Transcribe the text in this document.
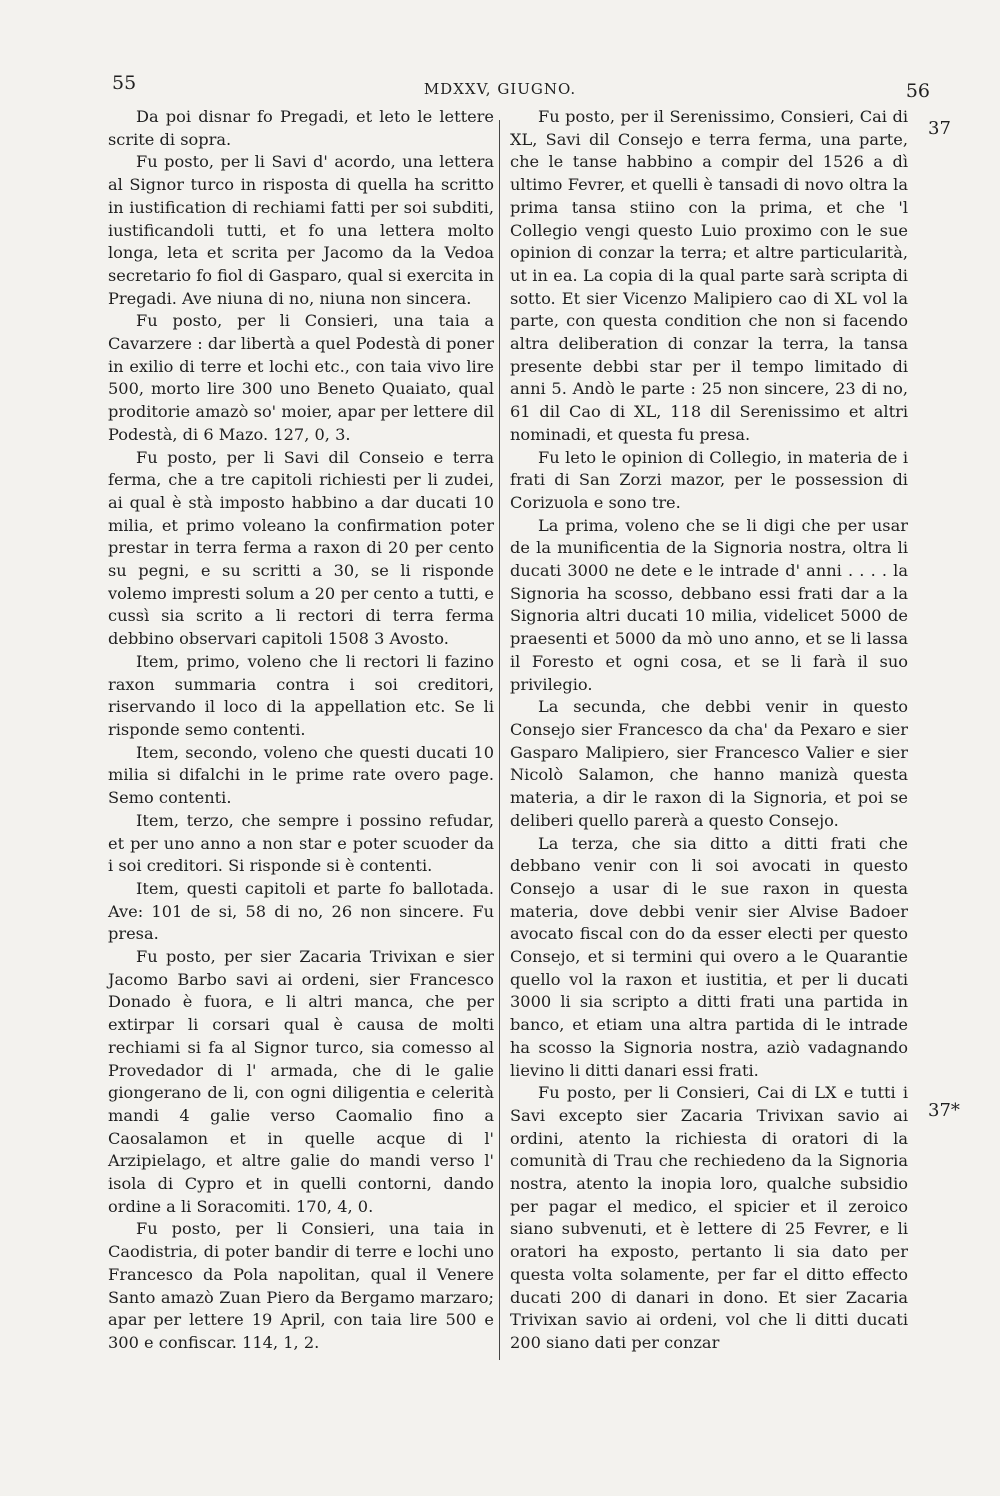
55	MDXXV, GIUGNO.	56
37
37*

Da poi disnar fo Pregadi, et leto le lettere scrite di sopra.

Fu posto, per li Savi d' acordo, una lettera al Signor turco in risposta di quella ha scritto in iustification di rechiami fatti per soi subditi, iustificandoli tutti, et fo una lettera molto longa, leta et scrita per Jacomo da la Vedoa secretario fo fiol di Gasparo, qual si exercita in Pregadi. Ave niuna di no, niuna non sincera.

Fu posto, per li Consieri, una taia a Cavarzere : dar libertà a quel Podestà di poner in exilio di terre et lochi etc., con taia vivo lire 500, morto lire 300 uno Beneto Quaiato, qual proditorie amazò so' moier, apar per lettere dil Podestà, di 6 Mazo. 127, 0, 3.

Fu posto, per li Savi dil Conseio e terra ferma, che a tre capitoli richiesti per li zudei, ai qual è stà imposto habbino a dar ducati 10 milia, et primo voleano la confirmation poter prestar in terra ferma a raxon di 20 per cento su pegni, e su scritti a 30, se li risponde volemo impresti solum a 20 per cento a tutti, e cussì sia scrito a li rectori di terra ferma debbino observari capitoli 1508 3 Avosto.

Item, primo, voleno che li rectori li fazino raxon summaria contra i soi creditori, riservando il loco di la appellation etc. Se li risponde semo contenti.

Item, secondo, voleno che questi ducati 10 milia si difalchi in le prime rate overo page. Semo contenti.

Item, terzo, che sempre i possino refudar, et per uno anno a non star e poter scuoder da i soi creditori. Si risponde si è contenti.

Item, questi capitoli et parte fo ballotada. Ave: 101 de si, 58 di no, 26 non sincere. Fu presa.

Fu posto, per sier Zacaria Trivixan e sier Jacomo Barbo savi ai ordeni, sier Francesco Donado è fuora, e li altri manca, che per extirpar li corsari qual è causa de molti rechiami si fa al Signor turco, sia comesso al Provedador di l' armada, che di le galie giongerano de li, con ogni diligentia e celerità mandi 4 galie verso Caomalio fino a Caosalamon et in quelle acque di l' Arzipielago, et altre galie do mandi verso l' isola di Cypro et in quelli contorni, dando ordine a li Soracomiti. 170, 4, 0.

Fu posto, per li Consieri, una taia in Caodistria, di poter bandir di terre e lochi uno Francesco da Pola napolitan, qual il Venere Santo amazò Zuan Piero da Bergamo marzaro; apar per lettere 19 April, con taia lire 500 e 300 e confiscar. 114, 1, 2.

Fu posto, per il Serenissimo, Consieri, Cai di XL, Savi dil Consejo e terra ferma, una parte, che le tanse habbino a compir del 1526 a dì ultimo Fevrer, et quelli è tansadi di novo oltra la prima tansa stiino con la prima, et che 'l Collegio vengi questo Luio proximo con le sue opinion di conzar la terra; et altre particularità, ut in ea. La copia di la qual parte sarà scripta di sotto. Et sier Vicenzo Malipiero cao di XL vol la parte, con questa condition che non si facendo altra deliberation di conzar la terra, la tansa presente debbi star per il tempo limitado di anni 5. Andò le parte : 25 non sincere, 23 di no, 61 dil Cao di XL, 118 dil Serenissimo et altri nominadi, et questa fu presa.

Fu leto le opinion di Collegio, in materia de i frati di San Zorzi mazor, per le possession di Corizuola e sono tre.

La prima, voleno che se li digi che per usar de la munificentia de la Signoria nostra, oltra li ducati 3000 ne dete e le intrade d' anni . . . . la Signoria ha scosso, debbano essi frati dar a la Signoria altri ducati 10 milia, videlicet 5000 de praesenti et 5000 da mò uno anno, et se li lassa il Foresto et ogni cosa, et se li farà il suo privilegio.

La secunda, che debbi venir in questo Consejo sier Francesco da cha' da Pexaro e sier Gasparo Malipiero, sier Francesco Valier e sier Nicolò Salamon, che hanno manizà questa materia, a dir le raxon di la Signoria, et poi se deliberi quello parerà a questo Consejo.

La terza, che sia ditto a ditti frati che debbano venir con li soi avocati in questo Consejo a usar di le sue raxon in questa materia, dove debbi venir sier Alvise Badoer avocato fiscal con do da esser electi per questo Consejo, et si termini qui overo a le Quarantie quello vol la raxon et iustitia, et per li ducati 3000 li sia scripto a ditti frati una partida in banco, et etiam una altra partida di le intrade ha scosso la Signoria nostra, aziò vadagnando lievino li ditti danari essi frati.

Fu posto, per li Consieri, Cai di LX e tutti i Savi excepto sier Zacaria Trivixan savio ai ordini, atento la richiesta di oratori di la comunità di Trau che rechiedeno da la Signoria nostra, atento la inopia loro, qualche subsidio per pagar el medico, el spicier et il zeroico siano subvenuti, et è lettere di 25 Fevrer, e li oratori ha exposto, pertanto li sia dato per questa volta solamente, per far el ditto effecto ducati 200 di danari in dono. Et sier Zacaria Trivixan savio ai ordeni, vol che li ditti ducati 200 siano dati per conzar
